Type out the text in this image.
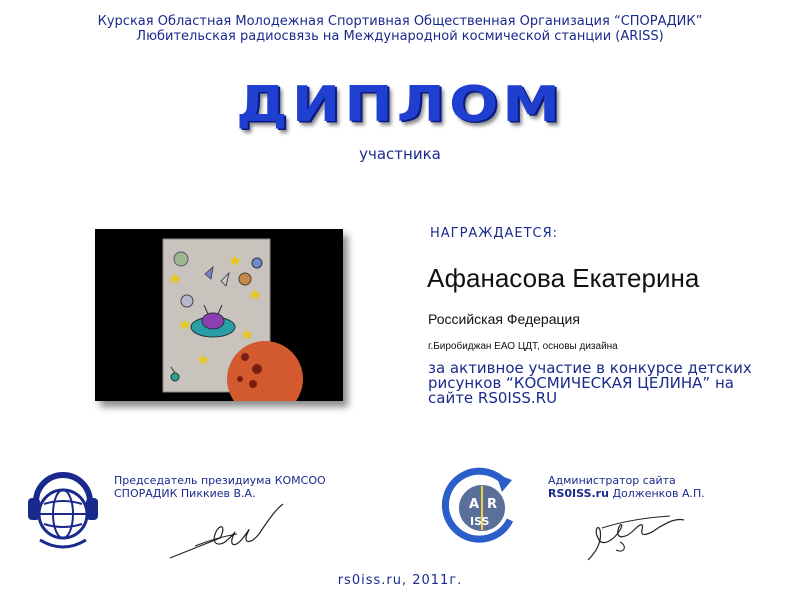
Курская Областная Молодежная Спортивная Общественная Организация “СПОРАДИК”
Любительская радиосвязь на Международной космической станции (ARISS)
ДИПЛОМ
участника
НАГРАЖДАЕТСЯ:
Афанасова Екатерина
Российская Федерация
г.Биробиджан ЕАО ЦДТ, основы дизайна
за активное участие в конкурсе детских рисунков “КОСМИЧЕСКАЯ ЦЕЛИНА” на сайте RS0ISS.RU
Председатель президиума КОМСОО
СПОРАДИК Пиккиев В.А.
A R
ISS
Администратор сайта
RS0ISS.ru Долженков А.П.
rs0iss.ru, 2011г.
